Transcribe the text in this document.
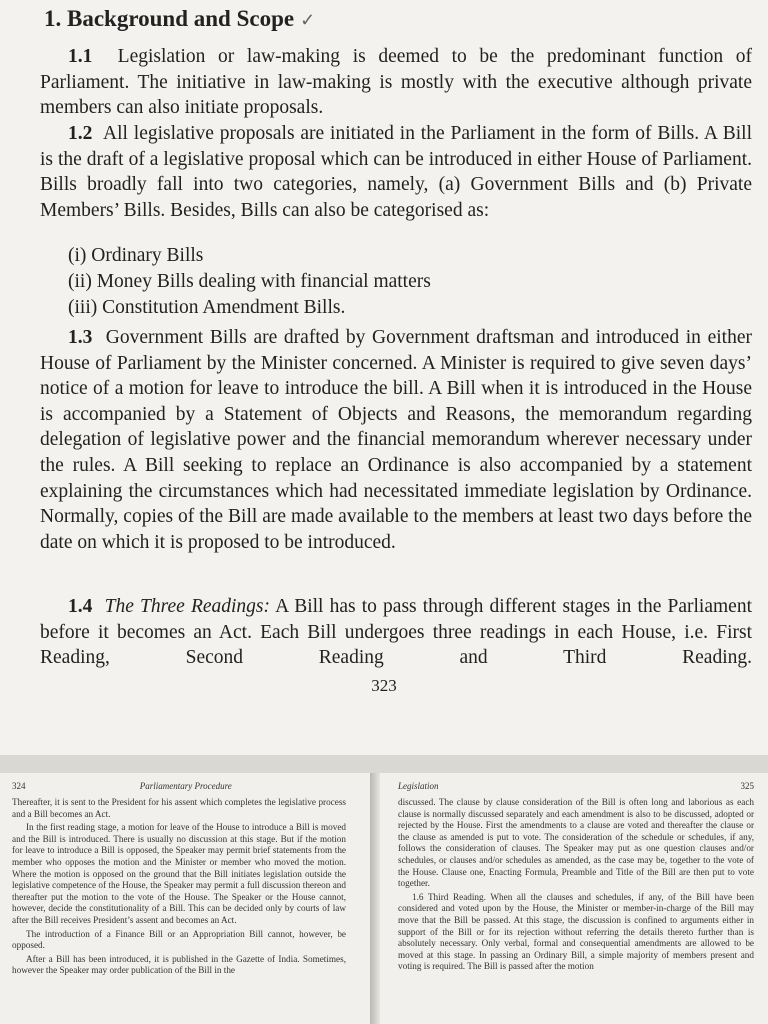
1. Background and Scope ✓

1.1 Legislation or law-making is deemed to be the predominant function of Parliament. The initiative in law-making is mostly with the executive although private members can also initiate proposals.

1.2 All legislative proposals are initiated in the Parliament in the form of Bills. A Bill is the draft of a legislative proposal which can be introduced in either House of Parliament. Bills broadly fall into two categories, namely, (a) Government Bills and (b) Private Members’ Bills. Besides, Bills can also be categorised as:

(i) Ordinary Bills
(ii) Money Bills dealing with financial matters
(iii) Constitution Amendment Bills.

1.3 Government Bills are drafted by Government draftsman and introduced in either House of Parliament by the Minister concerned. A Minister is required to give seven days’ notice of a motion for leave to introduce the bill. A Bill when it is introduced in the House is accompanied by a Statement of Objects and Reasons, the memorandum regarding delegation of legislative power and the financial memorandum wherever necessary under the rules. A Bill seeking to replace an Ordinance is also accompanied by a statement explaining the circumstances which had necessitated immediate legislation by Ordinance. Normally, copies of the Bill are made available to the members at least two days before the date on which it is proposed to be introduced.

1.4 The Three Readings: A Bill has to pass through different stages in the Parliament before it becomes an Act. Each Bill undergoes three readings in each House, i.e. First Reading, Second Reading and Third Reading.

323
324	Parliamentary Procedure

Thereafter, it is sent to the President for his assent which completes the legislative process and a Bill becomes an Act.

In the first reading stage, a motion for leave of the House to introduce a Bill is moved and the Bill is introduced. There is usually no discussion at this stage. But if the motion for leave to introduce a Bill is opposed, the Speaker may permit brief statements from the member who opposes the motion and the Minister or member who moved the motion. Where the motion is opposed on the ground that the Bill initiates legislation outside the legislative competence of the House, the Speaker may permit a full discussion thereon and thereafter put the motion to the vote of the House. The Speaker or the House cannot, however, decide the constitutionality of a Bill. This can be decided only by courts of law after the Bill receives President’s assent and becomes an Act.

The introduction of a Finance Bill or an Appropriation Bill cannot, however, be opposed.

After a Bill has been introduced, it is published in the Gazette of India. Sometimes, however the Speaker may order publication of the Bill in the

Legislation	325

discussed. The clause by clause consideration of the Bill is often long and laborious as each clause is normally discussed separately and each amendment is also to be discussed, adopted or rejected by the House. First the amendments to a clause are voted and thereafter the clause or the clause as amended is put to vote. The consideration of the schedule or schedules, if any, follows the consideration of clauses. The Speaker may put as one question clauses and/or schedules, or clauses and/or schedules as amended, as the case may be, together to the vote of the House. Clause one, Enacting Formula, Preamble and Title of the Bill are then put to vote together.

1.6 Third Reading. When all the clauses and schedules, if any, of the Bill have been considered and voted upon by the House, the Minister or member-in-charge of the Bill may move that the Bill be passed. At this stage, the discussion is confined to arguments either in support of the Bill or for its rejection without referring the details thereto further than is absolutely necessary. Only verbal, formal and consequential amendments are allowed to be moved at this stage. In passing an Ordinary Bill, a simple majority of members present and voting is required. The Bill is passed after the motion
